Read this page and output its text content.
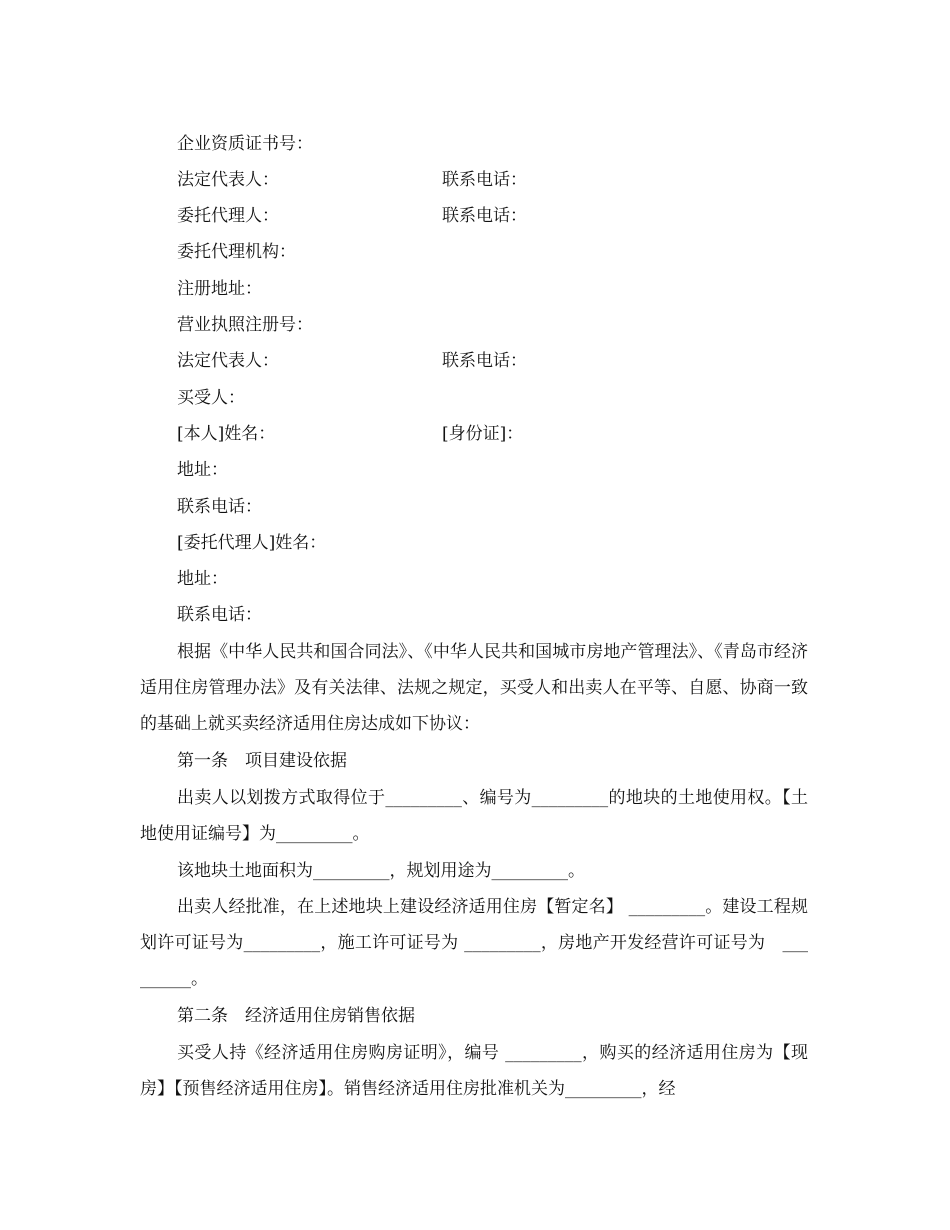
企业资质证书号：
法定代表人：	联系电话：
委托代理人：	联系电话：
委托代理机构：
注册地址：
营业执照注册号：
法定代表人：	联系电话：
买受人：
[本人]姓名：	[身份证]：
地址：
联系电话：
[委托代理人]姓名：
地址：
联系电话：
根据《中华人民共和国合同法》、《中华人民共和国城市房地产管理法》、《青岛市经济适用住房管理办法》及有关法律、法规之规定，买受人和出卖人在平等、自愿、协商一致的基础上就买卖经济适用住房达成如下协议：
第一条　项目建设依据
出卖人以划拨方式取得位于_________、编号为_________的地块的土地使用权。【土地使用证编号】为_________。
该地块土地面积为_________，规划用途为_________。
出卖人经批准，在上述地块上建设经济适用住房【暂定名】 _________。建设工程规划许可证号为_________，施工许可证号为 _________，房地产开发经营许可证号为　_________。
第二条　经济适用住房销售依据
买受人持《经济适用住房购房证明》，编号 _________，购买的经济适用住房为【现房】【预售经济适用住房】。销售经济适用住房批准机关为_________，经
